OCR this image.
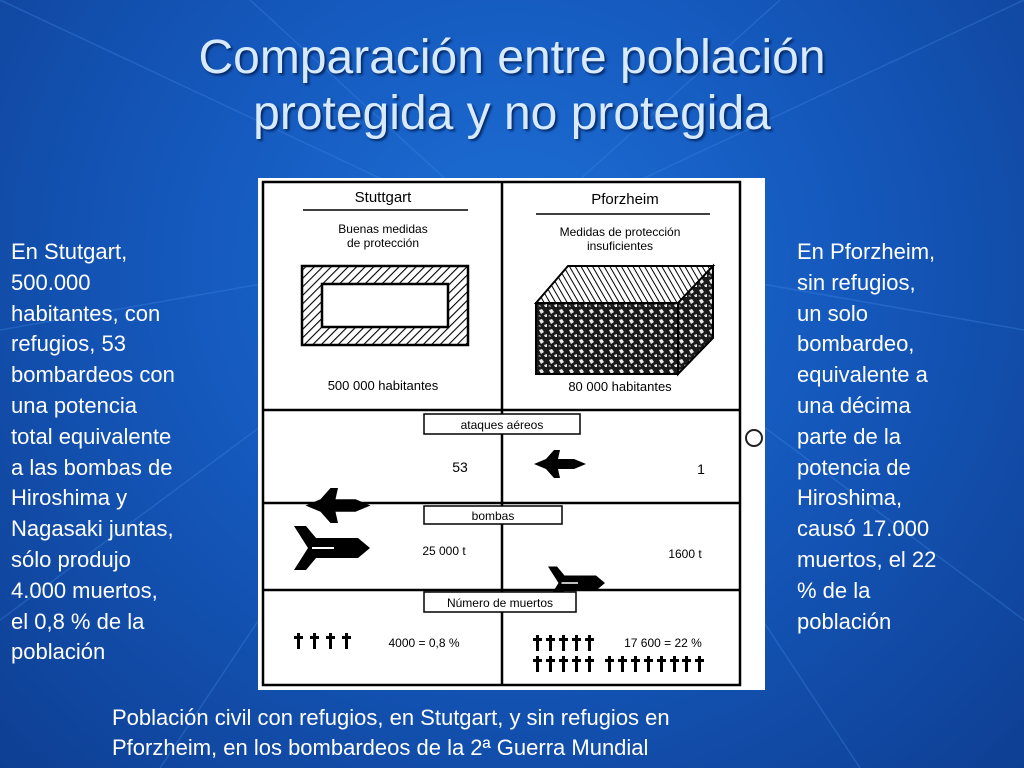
Comparación entre población
protegida y no protegida
En Stutgart,
500.000
habitantes, con
refugios, 53
bombardeos con
una potencia
total equivalente
a las bombas de
Hiroshima y
Nagasaki juntas,
sólo produjo
4.000 muertos,
el 0,8 % de la
población
En Pforzheim,
sin refugios,
un solo
bombardeo,
equivalente a
una décima
parte de la
potencia de
Hiroshima,
causó 17.000
muertos, el 22
% de la
población
Stuttgart
Buenas medidas
de protección
500 000 habitantes
Pforzheim
Medidas de protección
insuficientes
80 000 habitantes
ataques aéreos
53	1
bombas
25 000 t	1600 t
Número de muertos
4000 = 0,8 %	17 600 = 22 %
Población civil con refugios, en Stutgart, y sin refugios en
Pforzheim, en los bombardeos de la 2ª Guerra Mundial
